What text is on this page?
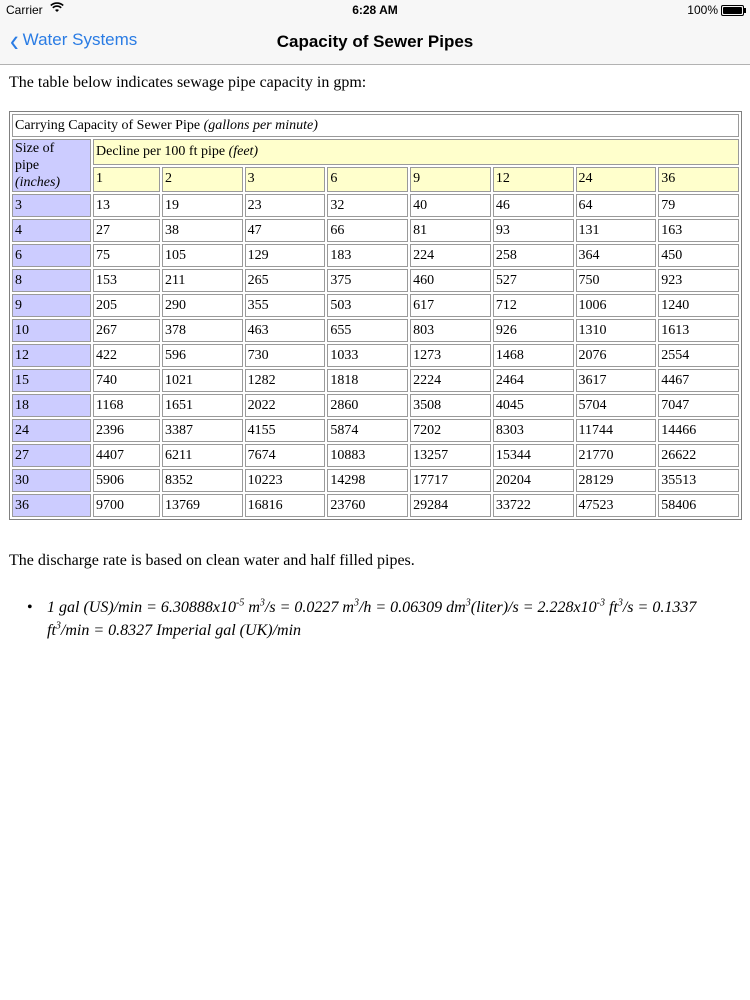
Carrier	6:28 AM	100%
‹ Water Systems	Capacity of Sewer Pipes
The table below indicates sewage pipe capacity in gpm:
Carrying Capacity of Sewer Pipe (gallons per minute)								
Size of
pipe
(inches)	Decline per 100 ft pipe (feet)							
	1	2	3	6	9	12	24	36
3	13	19	23	32	40	46	64	79
4	27	38	47	66	81	93	131	163
6	75	105	129	183	224	258	364	450
8	153	211	265	375	460	527	750	923
9	205	290	355	503	617	712	1006	1240
10	267	378	463	655	803	926	1310	1613
12	422	596	730	1033	1273	1468	2076	2554
15	740	1021	1282	1818	2224	2464	3617	4467
18	1168	1651	2022	2860	3508	4045	5704	7047
24	2396	3387	4155	5874	7202	8303	11744	14466
27	4407	6211	7674	10883	13257	15344	21770	26622
30	5906	8352	10223	14298	17717	20204	28129	35513
36	9700	13769	16816	23760	29284	33722	47523	58406
The discharge rate is based on clean water and half filled pipes.
• 1 gal $(US)/\min = 6.30888x10^{-5}$ $m^3/s = 0.0227$ $m^3/h = 0.06309$ $dm^3(liter)/s = 2.228x10^{-3}$ $ft^3/s = 0.1337$ $ft^3/\min = 0.8327$ Imperial gal (UK)/min
